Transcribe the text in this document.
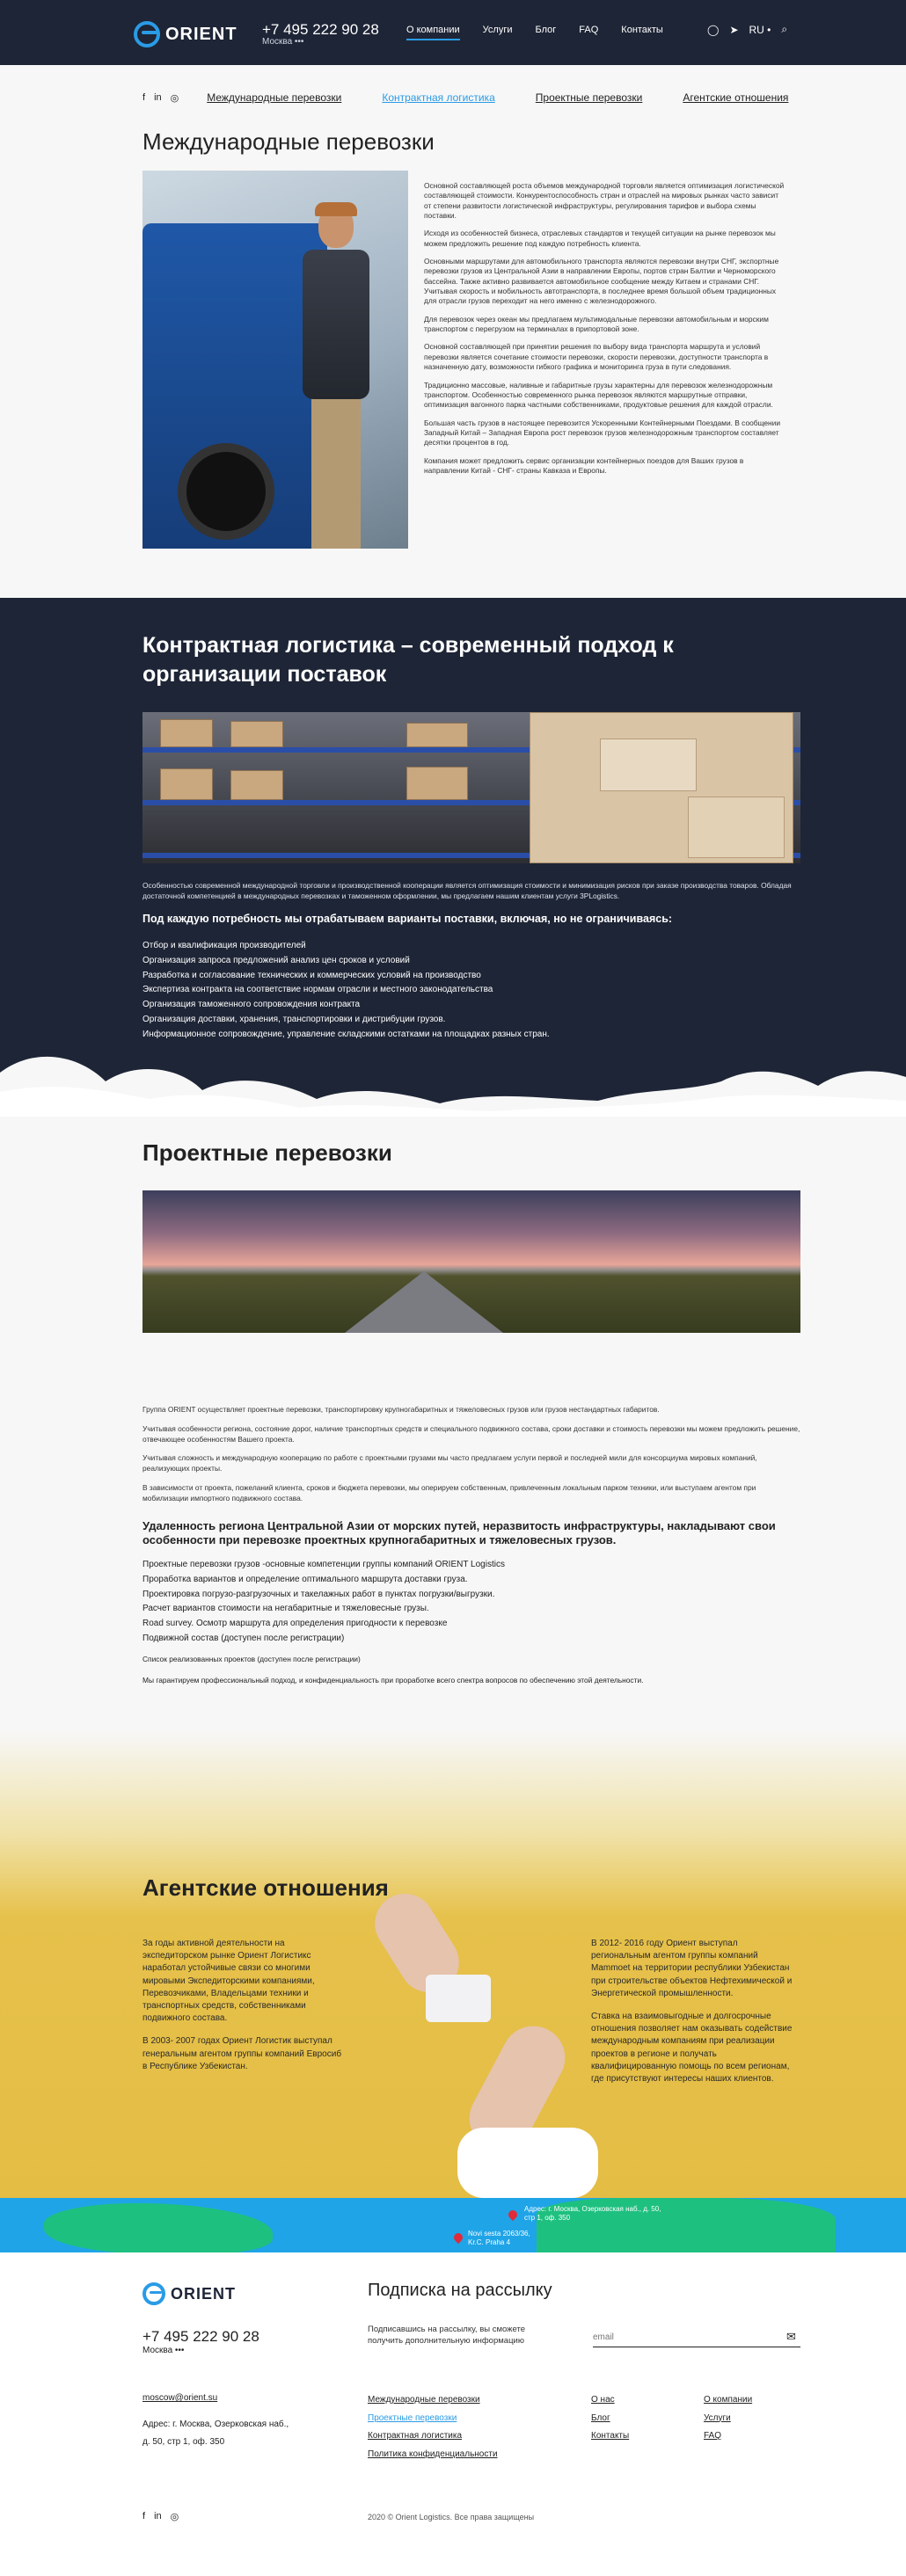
ORIENT +7 495 222 90 28
Москва •••
О компании Услуги Блог FAQ Контакты	◯ ➤ RU • ⌕
f in ◎	Международные перевозки	Контрактная логистика	Проектные перевозки	Агентские отношения
Международные перевозки

Основной составляющей роста объемов международной торговли является оптимизация логистической составляющей стоимости. Конкурентоспособность стран и отраслей на мировых рынках часто зависит от степени развитости логистической инфраструктуры, регулирования тарифов и выбора схемы поставки.

Исходя из особенностей бизнеса, отраслевых стандартов и текущей ситуации на рынке перевозок мы можем предложить решение под каждую потребность клиента.

Основными маршрутами для автомобильного транспорта являются перевозки внутри СНГ, экспортные перевозки грузов из Центральной Азии в направлении Европы, портов стран Балтии и Черноморского бассейна. Также активно развивается автомобильное сообщение между Китаем и странами СНГ. Учитывая скорость и мобильность автотранспорта, в последнее время большой объем традиционных для отрасли грузов переходит на него именно с железнодорожного.

Для перевозок через океан мы предлагаем мультимодальные перевозки автомобильным и морским транспортом с перегрузом на терминалах в припортовой зоне.

Основной составляющей при принятии решения по выбору вида транспорта маршрута и условий перевозки является сочетание стоимости перевозки, скорости перевозки, доступности транспорта в назначенную дату, возможности гибкого графика и мониторинга груза в пути следования.

Традиционно массовые, наливные и габаритные грузы характерны для перевозок железнодорожным транспортом. Особенностью современного рынка перевозок являются маршрутные отправки, оптимизация вагонного парка частными собственниками, продуктовые решения для каждой отрасли.

Большая часть грузов в настоящее перевозится Ускоренными Контейнерными Поездами. В сообщении Западный Китай – Западная Европа рост перевозок грузов железнодорожным транспортом составляет десятки процентов в год.

Компания может предложить сервис организации контейнерных поездов для Ваших грузов в направлении Китай - СНГ- страны Кавказа и Европы.

Контрактная логистика – современный подход к организации поставок

Особенностью современной международной торговли и производственной кооперации является оптимизация стоимости и минимизация рисков при заказе производства товаров. Обладая достаточной компетенцией в международных перевозках и таможенном оформлении, мы предлагаем нашим клиентам услуги 3PLogistics.

Под каждую потребность мы отрабатываем варианты поставки, включая, но не ограничиваясь:
Отбор и квалификация производителей
Организация запроса предложений анализ цен сроков и условий
Разработка и согласование технических и коммерческих условий на производство
Экспертиза контракта на соответствие нормам отрасли и местного законодательства
Организация таможенного сопровождения контракта
Организация доставки, хранения, транспортировки и дистрибуции грузов.
Информационное сопровождение, управление складскими остатками на площадках разных стран.
Проектные перевозки

Группа ORIENT осуществляет проектные перевозки, транспортировку крупногабаритных и тяжеловесных грузов или грузов нестандартных габаритов.

Учитывая особенности региона, состояние дорог, наличие транспортных средств и специального подвижного состава, сроки доставки и стоимость перевозки мы можем предложить решение, отвечающее особенностям Вашего проекта.

Учитывая сложность и международную кооперацию по работе с проектными грузами мы часто предлагаем услуги первой и последней мили для консорциума мировых компаний, реализующих проекты.

В зависимости от проекта, пожеланий клиента, сроков и бюджета перевозки, мы оперируем собственным, привлеченным локальным парком техники, или выступаем агентом при мобилизации импортного подвижного состава.

Удаленность региона Центральной Азии от морских путей, неразвитость инфраструктуры, накладывают свои особенности при перевозке проектных крупногабаритных и тяжеловесных грузов.
Проектные перевозки грузов -основные компетенции группы компаний ORIENT Logistics
Проработка вариантов и определение оптимального маршрута доставки груза.
Проектировка погрузо-разгрузочных и такелажных работ в пунктах погрузки/выгрузки.
Расчет вариантов стоимости на негабаритные и тяжеловесные грузы.
Road survey. Осмотр маршрута для определения пригодности к перевозке
Подвижной состав (доступен после регистрации)

Список реализованных проектов (доступен после регистрации)

Мы гарантируем профессиональный подход, и конфиденциальность при проработке всего спектра вопросов по обеспечению этой деятельности.

Агентские отношения

За годы активной деятельности на экспедиторском рынке Ориент Логистикс наработал устойчивые связи со многими мировыми Экспедиторскими компаниями, Перевозчиками, Владельцами техники и транспортных средств, собственниками подвижного состава.

В 2003- 2007 годах Ориент Логистик выступал генеральным агентом группы компаний Евросиб в Республике Узбекистан.

В 2012- 2016 году Ориент выступал региональным агентом группы компаний Mammoet на территории республики Узбекистан при строительстве объектов Нефтехимической и Энергетической промышленности.

Ставка на взаимовыгодные и долгосрочные отношения позволяет нам оказывать содействие международным компаниям при реализации проектов в регионе и получать квалифицированную помощь по всем регионам, где присутствуют интересы наших клиентов.

Адрес: г. Москва, Озерковская наб., д. 50, стр 1, оф. 350
Novi sesta 2063/36, Kr.C. Praha 4
ORIENT
+7 495 222 90 28
Москва •••
Подписка на рассылку
Подписавшись на рассылку, вы сможете получить дополнительную информацию
email	✉
moscow@orient.su
Адрес: г. Москва, Озерковская наб.,
д. 50, стр 1, оф. 350
Международные перевозки
Проектные перевозки
Контрактная логистика
Политика конфиденциальности
О нас
Блог
Контакты
О компании
Услуги
FAQ
f in ◎	2020 © Orient Logistics. Все права защищены
